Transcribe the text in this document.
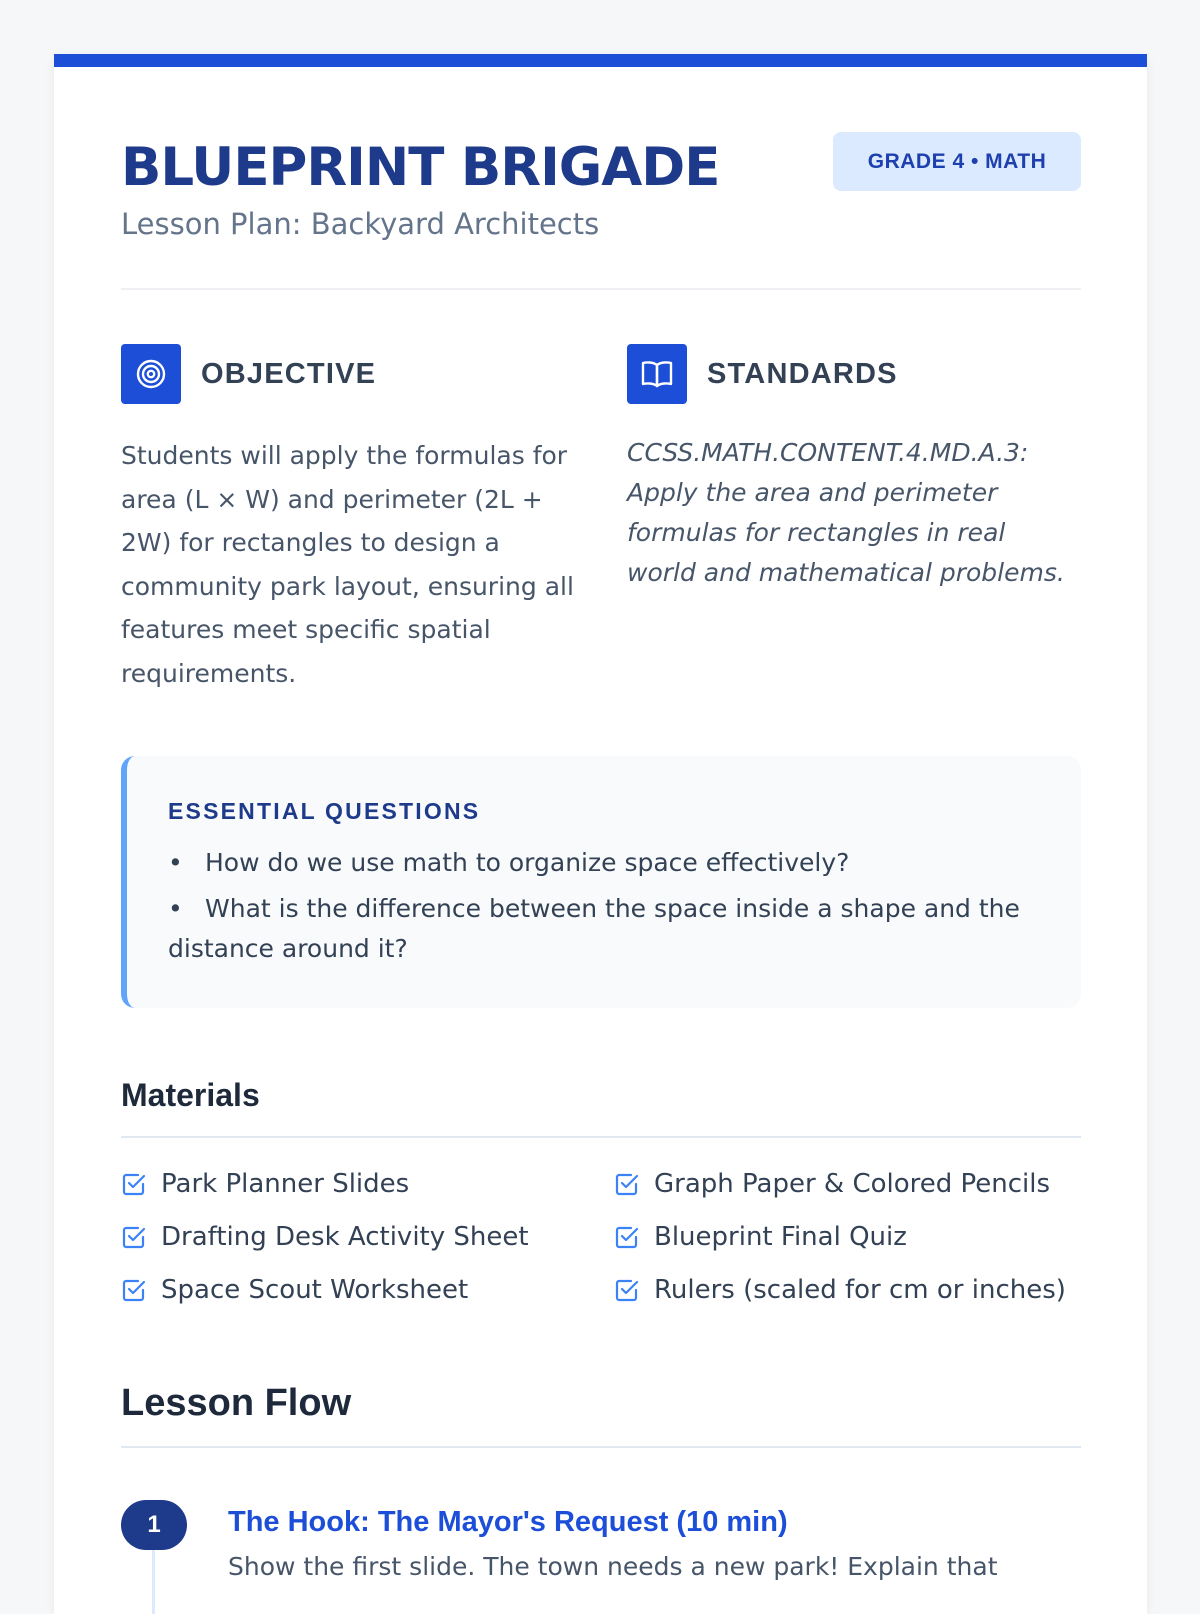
BLUEPRINT BRIGADE
Lesson Plan: Backyard Architects
GRADE 4 • MATH
OBJECTIVE
Students will apply the formulas for area (L × W) and perimeter (2L + 2W) for rectangles to design a community park layout, ensuring all features meet specific spatial requirements.
STANDARDS
CCSS.MATH.CONTENT.4.MD.A.3: Apply the area and perimeter formulas for rectangles in real world and mathematical problems.
ESSENTIAL QUESTIONS
• How do we use math to organize space effectively?
• What is the difference between the space inside a shape and the distance around it?
Materials
Park Planner Slides	Graph Paper & Colored Pencils
Drafting Desk Activity Sheet	Blueprint Final Quiz
Space Scout Worksheet	Rulers (scaled for cm or inches)
Lesson Flow
1	The Hook: The Mayor's Request (10 min)
Show the first slide. The town needs a new park! Explain that
